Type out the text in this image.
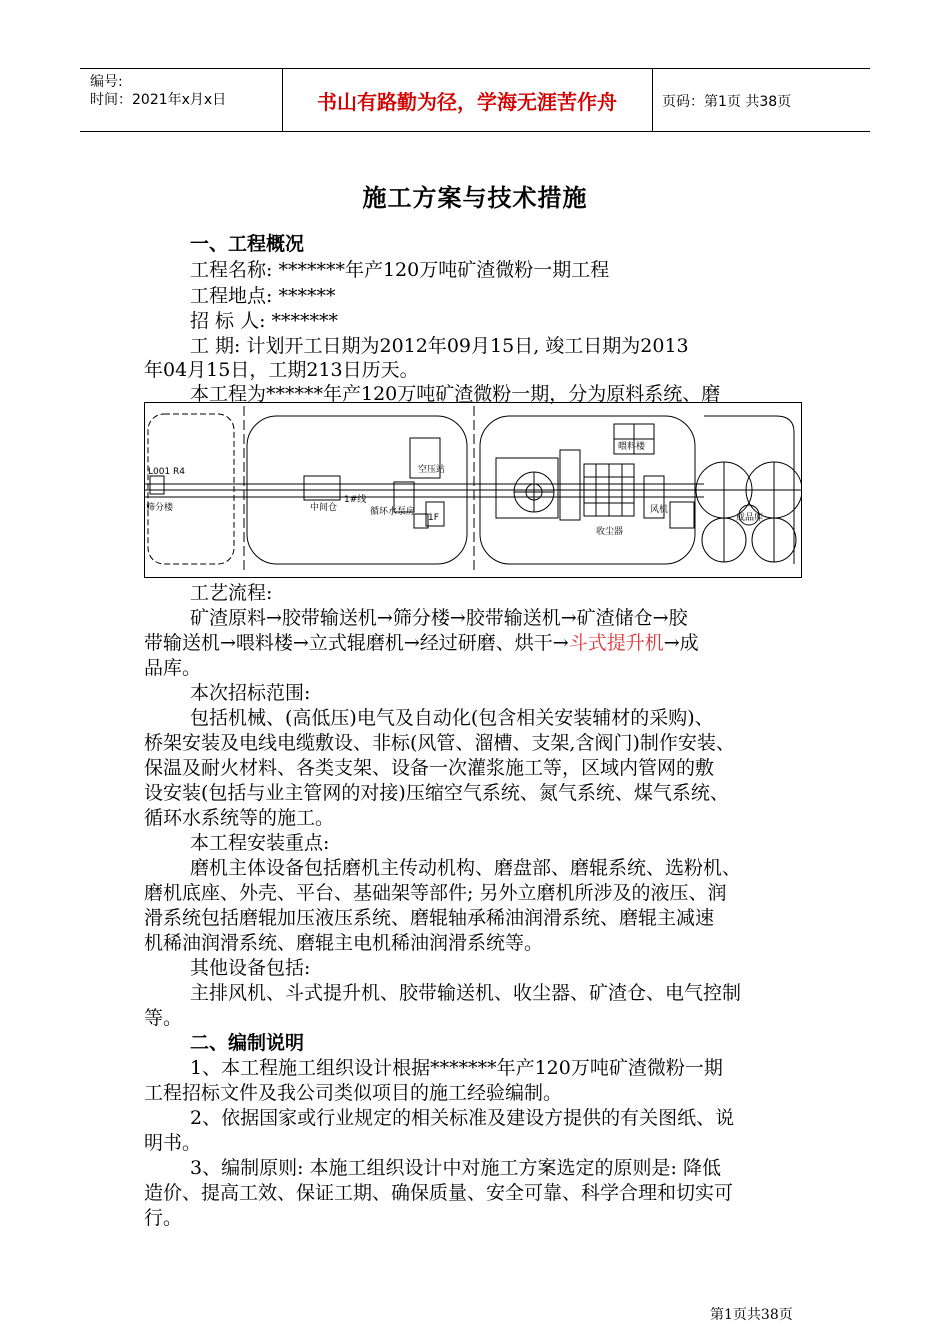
编号:
时间：2021年x月x日	书山有路勤为径，学海无涯苦作舟	页码：第1页 共38页
施工方案与技术措施
一、工程概况
工程名称: *******年产120万吨矿渣微粉一期工程
工程地点: ******
招 标 人: *******
工 期: 计划开工日期为2012年09月15日, 竣工日期为2013
年04月15日，工期213日历天。
本工程为******年产120万吨矿渣微粉一期，分为原料系统、磨
L001 R4
筛分楼	中间仓
1#线
空压站
循环水泵房
1F
收尘器
风机
成品库
喂料楼
工艺流程:
矿渣原料→胶带输送机→筛分楼→胶带输送机→矿渣储仓→胶
带输送机→喂料楼→立式辊磨机→经过研磨、烘干→斗式提升机→成
品库。
本次招标范围:
包括机械、(高低压)电气及自动化(包含相关安装辅材的采购)、
桥架安装及电线电缆敷设、非标(风管、溜槽、支架,含阀门)制作安装、
保温及耐火材料、各类支架、设备一次灌浆施工等，区域内管网的敷
设安装(包括与业主管网的对接)压缩空气系统、氮气系统、煤气系统、
循环水系统等的施工。
本工程安装重点:
磨机主体设备包括磨机主传动机构、磨盘部、磨辊系统、选粉机、
磨机底座、外壳、平台、基础架等部件; 另外立磨机所涉及的液压、润
滑系统包括磨辊加压液压系统、磨辊轴承稀油润滑系统、磨辊主减速
机稀油润滑系统、磨辊主电机稀油润滑系统等。
其他设备包括:
主排风机、斗式提升机、胶带输送机、收尘器、矿渣仓、电气控制
等。
二、编制说明
1、本工程施工组织设计根据*******年产120万吨矿渣微粉一期
工程招标文件及我公司类似项目的施工经验编制。
2、依据国家或行业规定的相关标准及建设方提供的有关图纸、说
明书。
3、编制原则: 本施工组织设计中对施工方案选定的原则是: 降低
造价、提高工效、保证工期、确保质量、安全可靠、科学合理和切实可
行。
第1页共38页
